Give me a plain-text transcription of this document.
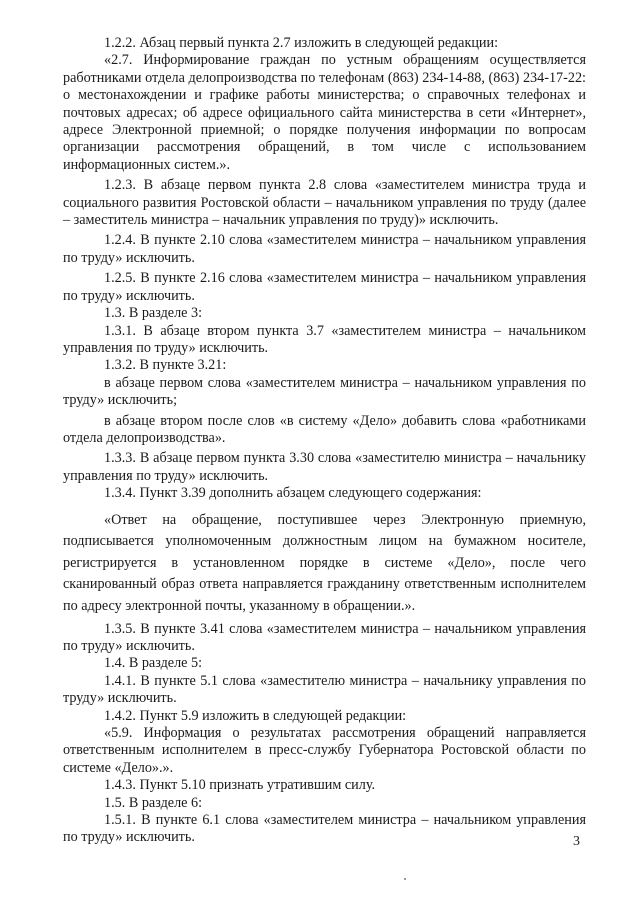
1.2.2. Абзац первый пункта 2.7 изложить в следующей редакции:

«2.7. Информирование граждан по устным обращениям осуществляется работниками отдела делопроизводства по телефонам (863) 234-14-88, (863) 234-17-22: о местонахождении и графике работы министерства; о справочных телефонах и почтовых адресах; об адресе официального сайта министерства в сети «Интернет», адресе Электронной приемной; о порядке получения информации по вопросам организации рассмотрения обращений, в том числе с использованием информационных систем.».

1.2.3. В абзаце первом пункта 2.8 слова «заместителем министра труда и социального развития Ростовской области – начальником управления по труду (далее – заместитель министра – начальник управления по труду)» исключить.

1.2.4. В пункте 2.10 слова «заместителем министра – начальником управления по труду» исключить.

1.2.5. В пункте 2.16 слова «заместителем министра – начальником управления по труду» исключить.

1.3. В разделе 3:

1.3.1. В абзаце втором пункта 3.7 «заместителем министра – начальником управления по труду» исключить.

1.3.2. В пункте 3.21:

в абзаце первом слова «заместителем министра – начальником управления по труду» исключить;

в абзаце втором после слов «в систему «Дело» добавить слова «работниками отдела делопроизводства».

1.3.3. В абзаце первом пункта 3.30 слова «заместителю министра – начальнику управления по труду» исключить.

1.3.4. Пункт 3.39 дополнить абзацем следующего содержания:

«Ответ на обращение, поступившее через Электронную приемную, подписывается уполномоченным должностным лицом на бумажном носителе, регистрируется в установленном порядке в системе «Дело», после чего сканированный образ ответа направляется гражданину ответственным исполнителем по адресу электронной почты, указанному в обращении.».

1.3.5. В пункте 3.41 слова «заместителем министра – начальником управления по труду» исключить.

1.4. В разделе 5:

1.4.1. В пункте 5.1 слова «заместителю министра – начальнику управления по труду» исключить.

1.4.2. Пункт 5.9 изложить в следующей редакции:

«5.9. Информация о результатах рассмотрения обращений направляется ответственным исполнителем в пресс-службу Губернатора Ростовской области по системе «Дело».».

1.4.3. Пункт 5.10 признать утратившим силу.

1.5. В разделе 6:

1.5.1. В пункте 6.1 слова «заместителем министра – начальником управления по труду» исключить.	3
